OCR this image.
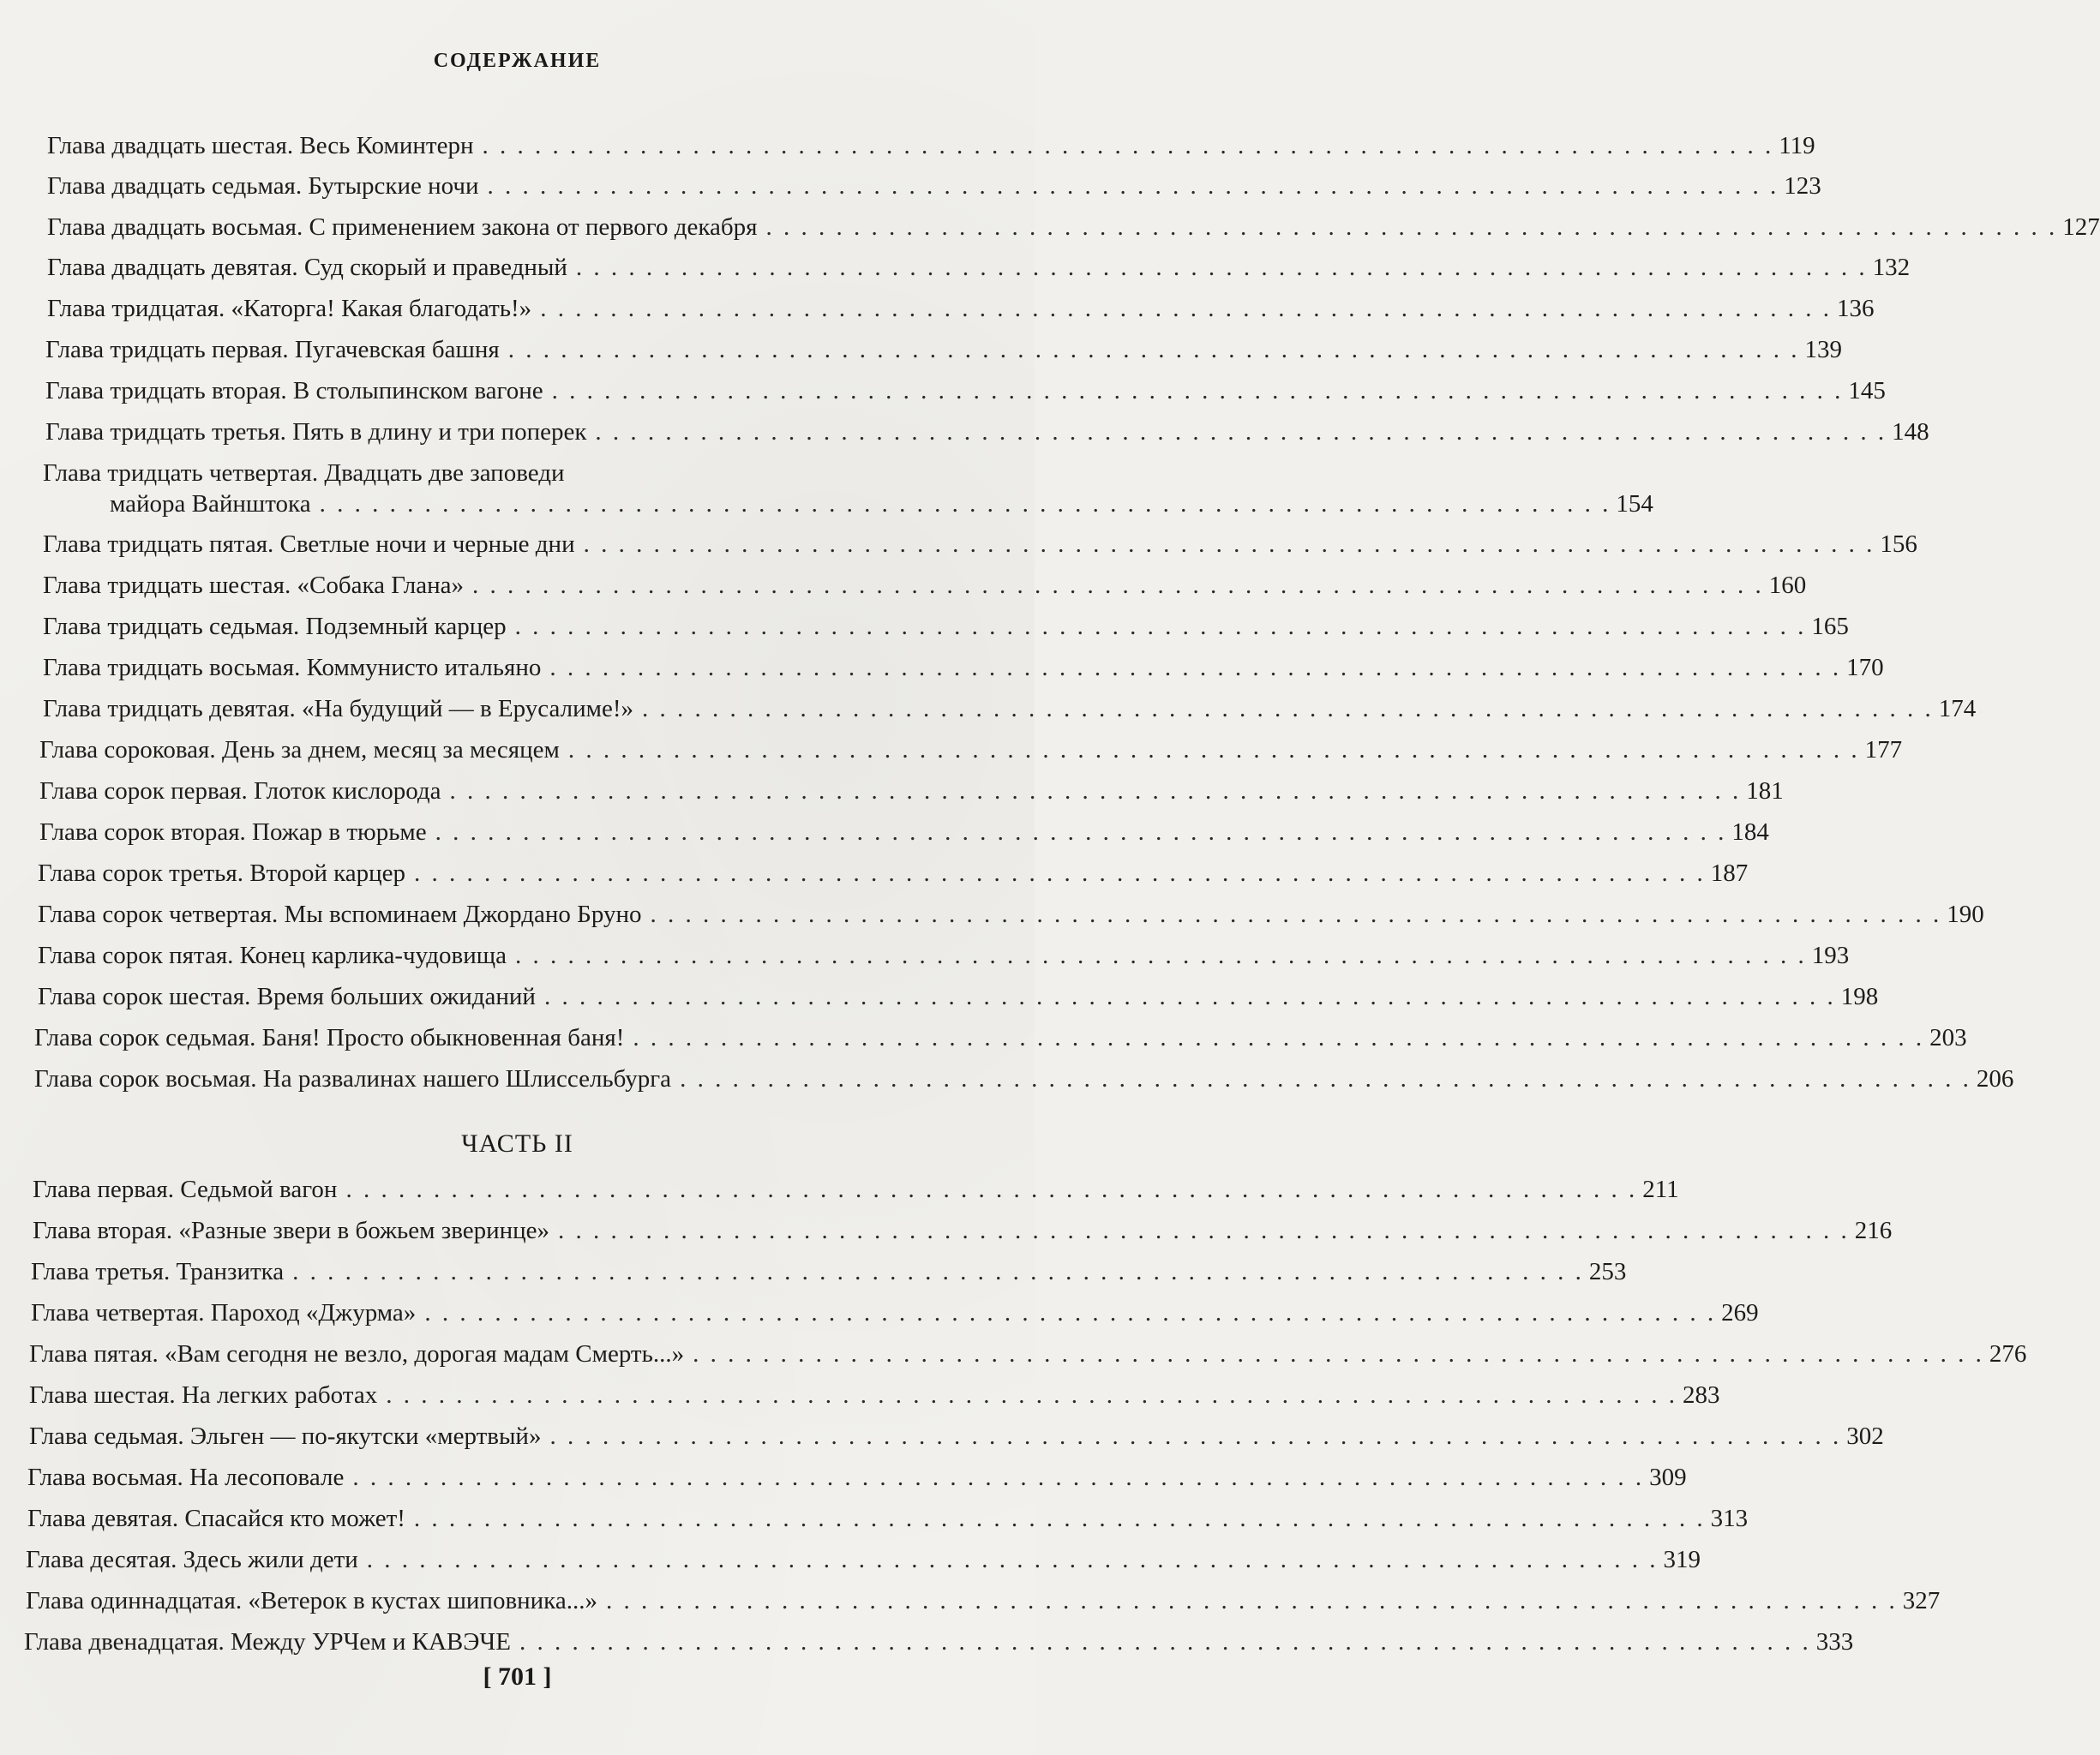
СОДЕРЖАНИЕ
Глава двадцать шестая. Весь Коминтерн . . . . . . . . . . . . . . . . . . . . . . . . . . . . . . . . . . . . . . . . . . . . . . . . . . . . . . . . . . . . . . . . . . . . . . . . . . 119
Глава двадцать седьмая. Бутырские ночи . . . . . . . . . . . . . . . . . . . . . . . . . . . . . . . . . . . . . . . . . . . . . . . . . . . . . . . . . . . . . . . . . . . . . . . . . . 123
Глава двадцать восьмая. С применением закона от первого декабря . . . . . . . . . . . . . . . . . . . . . . . . . . . . . . . . . . . . . . . . . . . . . . . . . . . . . . . . . . . . . . . . . . . . . . . . . . 127
Глава двадцать девятая. Суд скорый и праведный . . . . . . . . . . . . . . . . . . . . . . . . . . . . . . . . . . . . . . . . . . . . . . . . . . . . . . . . . . . . . . . . . . . . . . . . . . 132
Глава тридцатая. «Каторга! Какая благодать!» . . . . . . . . . . . . . . . . . . . . . . . . . . . . . . . . . . . . . . . . . . . . . . . . . . . . . . . . . . . . . . . . . . . . . . . . . . 136
Глава тридцать первая. Пугачевская башня . . . . . . . . . . . . . . . . . . . . . . . . . . . . . . . . . . . . . . . . . . . . . . . . . . . . . . . . . . . . . . . . . . . . . . . . . . 139
Глава тридцать вторая. В столыпинском вагоне . . . . . . . . . . . . . . . . . . . . . . . . . . . . . . . . . . . . . . . . . . . . . . . . . . . . . . . . . . . . . . . . . . . . . . . . . . 145
Глава тридцать третья. Пять в длину и три поперек . . . . . . . . . . . . . . . . . . . . . . . . . . . . . . . . . . . . . . . . . . . . . . . . . . . . . . . . . . . . . . . . . . . . . . . . . . 148
Глава тридцать четвертая. Двадцать две заповеди
майора Вайнштока . . . . . . . . . . . . . . . . . . . . . . . . . . . . . . . . . . . . . . . . . . . . . . . . . . . . . . . . . . . . . . . . . . . . . . . . . . 154
Глава тридцать пятая. Светлые ночи и черные дни . . . . . . . . . . . . . . . . . . . . . . . . . . . . . . . . . . . . . . . . . . . . . . . . . . . . . . . . . . . . . . . . . . . . . . . . . . 156
Глава тридцать шестая. «Собака Глана» . . . . . . . . . . . . . . . . . . . . . . . . . . . . . . . . . . . . . . . . . . . . . . . . . . . . . . . . . . . . . . . . . . . . . . . . . . 160
Глава тридцать седьмая. Подземный карцер . . . . . . . . . . . . . . . . . . . . . . . . . . . . . . . . . . . . . . . . . . . . . . . . . . . . . . . . . . . . . . . . . . . . . . . . . . 165
Глава тридцать восьмая. Коммунисто итальяно . . . . . . . . . . . . . . . . . . . . . . . . . . . . . . . . . . . . . . . . . . . . . . . . . . . . . . . . . . . . . . . . . . . . . . . . . . 170
Глава тридцать девятая. «На будущий — в Ерусалиме!» . . . . . . . . . . . . . . . . . . . . . . . . . . . . . . . . . . . . . . . . . . . . . . . . . . . . . . . . . . . . . . . . . . . . . . . . . . 174
Глава сороковая. День за днем, месяц за месяцем . . . . . . . . . . . . . . . . . . . . . . . . . . . . . . . . . . . . . . . . . . . . . . . . . . . . . . . . . . . . . . . . . . . . . . . . . . 177
Глава сорок первая. Глоток кислорода . . . . . . . . . . . . . . . . . . . . . . . . . . . . . . . . . . . . . . . . . . . . . . . . . . . . . . . . . . . . . . . . . . . . . . . . . . 181
Глава сорок вторая. Пожар в тюрьме . . . . . . . . . . . . . . . . . . . . . . . . . . . . . . . . . . . . . . . . . . . . . . . . . . . . . . . . . . . . . . . . . . . . . . . . . . 184
Глава сорок третья. Второй карцер . . . . . . . . . . . . . . . . . . . . . . . . . . . . . . . . . . . . . . . . . . . . . . . . . . . . . . . . . . . . . . . . . . . . . . . . . . 187
Глава сорок четвертая. Мы вспоминаем Джордано Бруно . . . . . . . . . . . . . . . . . . . . . . . . . . . . . . . . . . . . . . . . . . . . . . . . . . . . . . . . . . . . . . . . . . . . . . . . . . 190
Глава сорок пятая. Конец карлика-чудовища . . . . . . . . . . . . . . . . . . . . . . . . . . . . . . . . . . . . . . . . . . . . . . . . . . . . . . . . . . . . . . . . . . . . . . . . . . 193
Глава сорок шестая. Время больших ожиданий . . . . . . . . . . . . . . . . . . . . . . . . . . . . . . . . . . . . . . . . . . . . . . . . . . . . . . . . . . . . . . . . . . . . . . . . . . 198
Глава сорок седьмая. Баня! Просто обыкновенная баня! . . . . . . . . . . . . . . . . . . . . . . . . . . . . . . . . . . . . . . . . . . . . . . . . . . . . . . . . . . . . . . . . . . . . . . . . . . 203
Глава сорок восьмая. На развалинах нашего Шлиссельбурга . . . . . . . . . . . . . . . . . . . . . . . . . . . . . . . . . . . . . . . . . . . . . . . . . . . . . . . . . . . . . . . . . . . . . . . . . . 206
Глава первая. Седьмой вагон . . . . . . . . . . . . . . . . . . . . . . . . . . . . . . . . . . . . . . . . . . . . . . . . . . . . . . . . . . . . . . . . . . . . . . . . . . 211
Глава вторая. «Разные звери в божьем зверинце» . . . . . . . . . . . . . . . . . . . . . . . . . . . . . . . . . . . . . . . . . . . . . . . . . . . . . . . . . . . . . . . . . . . . . . . . . . 216
Глава третья. Транзитка . . . . . . . . . . . . . . . . . . . . . . . . . . . . . . . . . . . . . . . . . . . . . . . . . . . . . . . . . . . . . . . . . . . . . . . . . . 253
Глава четвертая. Пароход «Джурма» . . . . . . . . . . . . . . . . . . . . . . . . . . . . . . . . . . . . . . . . . . . . . . . . . . . . . . . . . . . . . . . . . . . . . . . . . . 269
Глава пятая. «Вам сегодня не везло, дорогая мадам Смерть...» . . . . . . . . . . . . . . . . . . . . . . . . . . . . . . . . . . . . . . . . . . . . . . . . . . . . . . . . . . . . . . . . . . . . . . . . . . 276
Глава шестая. На легких работах . . . . . . . . . . . . . . . . . . . . . . . . . . . . . . . . . . . . . . . . . . . . . . . . . . . . . . . . . . . . . . . . . . . . . . . . . . 283
Глава седьмая. Эльген — по-якутски «мертвый» . . . . . . . . . . . . . . . . . . . . . . . . . . . . . . . . . . . . . . . . . . . . . . . . . . . . . . . . . . . . . . . . . . . . . . . . . . 302
Глава восьмая. На лесоповале . . . . . . . . . . . . . . . . . . . . . . . . . . . . . . . . . . . . . . . . . . . . . . . . . . . . . . . . . . . . . . . . . . . . . . . . . . 309
Глава девятая. Спасайся кто может! . . . . . . . . . . . . . . . . . . . . . . . . . . . . . . . . . . . . . . . . . . . . . . . . . . . . . . . . . . . . . . . . . . . . . . . . . . 313
Глава десятая. Здесь жили дети . . . . . . . . . . . . . . . . . . . . . . . . . . . . . . . . . . . . . . . . . . . . . . . . . . . . . . . . . . . . . . . . . . . . . . . . . . 319
Глава одиннадцатая. «Ветерок в кустах шиповника...» . . . . . . . . . . . . . . . . . . . . . . . . . . . . . . . . . . . . . . . . . . . . . . . . . . . . . . . . . . . . . . . . . . . . . . . . . . 327
Глава двенадцатая. Между УРЧем и КАВЭЧЕ . . . . . . . . . . . . . . . . . . . . . . . . . . . . . . . . . . . . . . . . . . . . . . . . . . . . . . . . . . . . . . . . . . . . . . . . . . 333
ЧАСТЬ II
[ 701 ]
